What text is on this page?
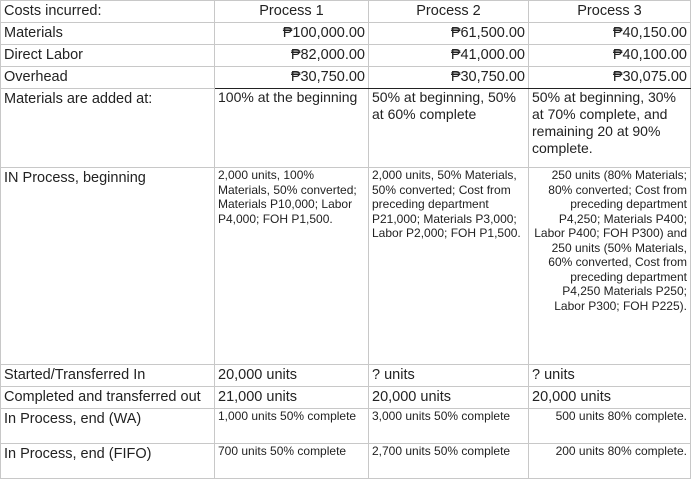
Costs incurred:	Process 1	Process 2	Process 3
Materials	₱100,000.00	₱61,500.00	₱40,150.00
Direct Labor	₱82,000.00	₱41,000.00	₱40,100.00
Overhead	₱30,750.00	₱30,750.00	₱30,075.00
Materials are added at:	100% at the beginning	50% at beginning, 50% at 60% complete	50% at beginning, 30% at 70% complete, and remaining 20 at 90% complete.
IN Process, beginning	2,000 units, 100% Materials, 50% converted; Materials P10,000; Labor P4,000; FOH P1,500.	2,000 units, 50% Materials, 50% converted; Cost from preceding department P21,000; Materials P3,000; Labor P2,000; FOH P1,500.	250 units (80% Materials; 80% converted; Cost from preceding department P4,250; Materials P400; Labor P400; FOH P300) and 250 units (50% Materials, 60% converted, Cost from preceding department P4,250 Materials P250; Labor P300; FOH P225).
Started/Transferred In	20,000 units	? units	? units
Completed and transferred out	21,000 units	20,000 units	20,000 units
In Process, end (WA)	1,000 units 50% complete	3,000 units 50% complete	500 units 80% complete.
In Process, end (FIFO)	700 units 50% complete	2,700 units 50% complete	200 units 80% complete.
